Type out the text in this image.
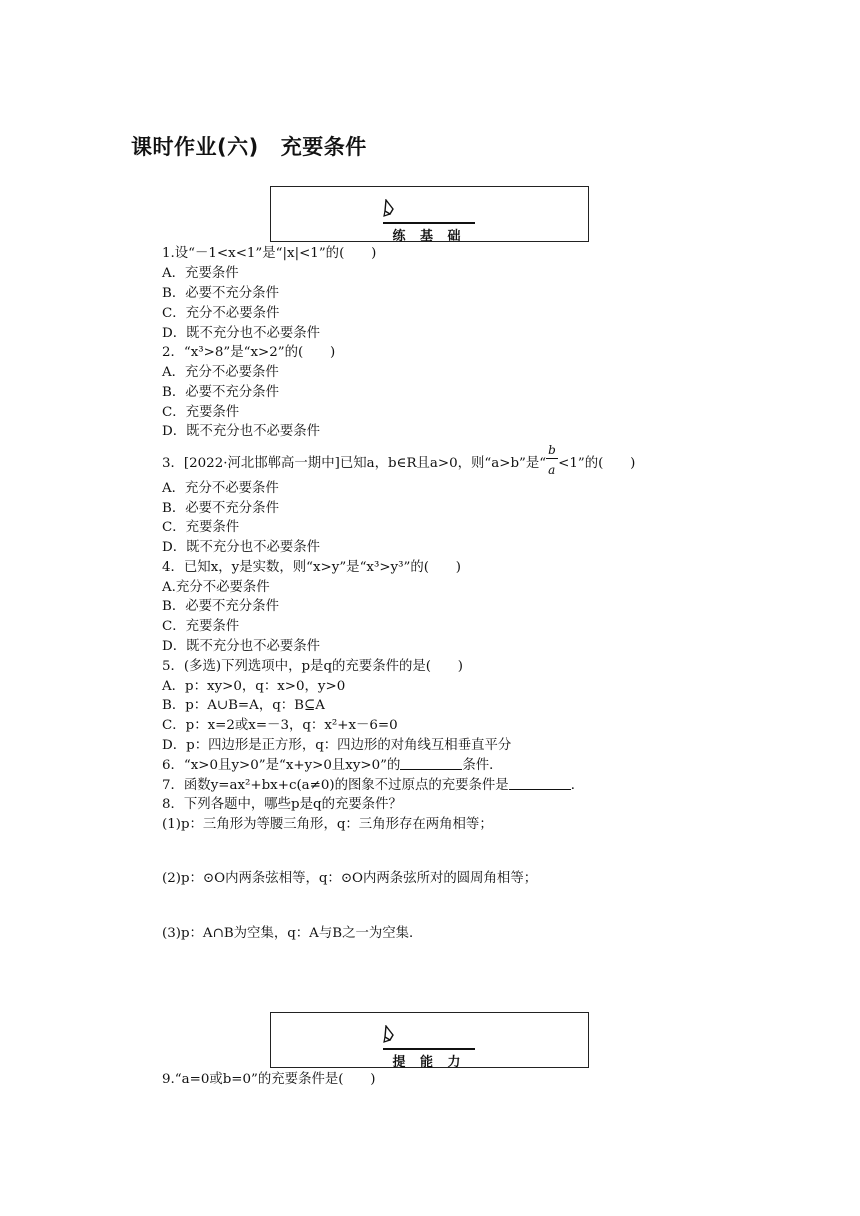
课时作业(六) 充要条件
练 基 础
1.设“－1<x<1”是“|x|<1”的(　　)
A．充要条件
B．必要不充分条件
C．充分不必要条件
D．既不充分也不必要条件
2．“x³>8”是“x>2”的(　　)
A．充分不必要条件
B．必要不充分条件
C．充要条件
D．既不充分也不必要条件
3．[2022·河北邯郸高一期中]已知a，b∈R且a>0，则“a>b”是“ $\frac{b}{a} <1$”的(　　)
A．充分不必要条件
B．必要不充分条件
C．充要条件
D．既不充分也不必要条件
4．已知x，y是实数，则“x>y”是“x³>y³”的(　　)
A.充分不必要条件
B．必要不充分条件
C．充要条件
D．既不充分也不必要条件
5．(多选)下列选项中，p是q的充要条件的是(　　)
A．p：xy>0，q：x>0，y>0
B．p：A∪B=A，q：B⊆A
C．p：x=2或x=－3，q：x²+x－6=0
D．p：四边形是正方形，q：四边形的对角线互相垂直平分
6．“x>0且y>0”是“x+y>0且xy>0”的	条件．
7．函数y=ax²+bx+c(a≠0)的图象不过原点的充要条件是	．
8．下列各题中，哪些p是q的充要条件？
(1)p：三角形为等腰三角形，q：三角形存在两角相等；
(2)p：⊙O内两条弦相等，q：⊙O内两条弦所对的圆周角相等；
(3)p：A∩B为空集，q：A与B之一为空集．
提 能 力
9.“a=0或b=0”的充要条件是(　　)
